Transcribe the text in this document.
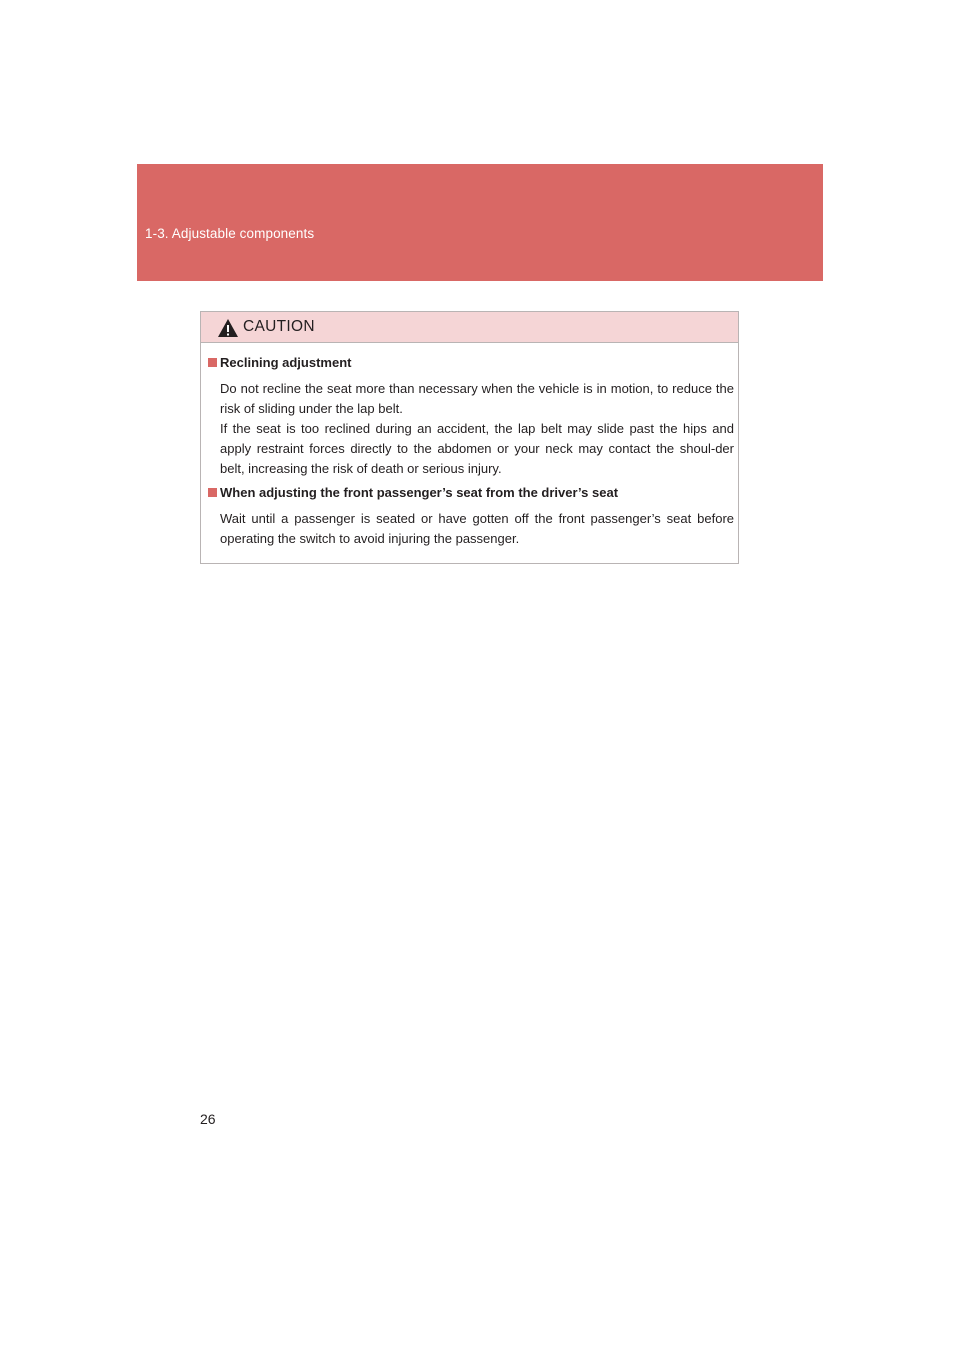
1-3. Adjustable components
CAUTION
Reclining adjustment

Do not recline the seat more than necessary when the vehicle is in motion, to reduce the risk of sliding under the lap belt.

If the seat is too reclined during an accident, the lap belt may slide past the hips and apply restraint forces directly to the abdomen or your neck may contact the shoul-der belt, increasing the risk of death or serious injury.

When adjusting the front passenger’s seat from the driver’s seat

Wait until a passenger is seated or have gotten off the front passenger’s seat before operating the switch to avoid injuring the passenger.

26
